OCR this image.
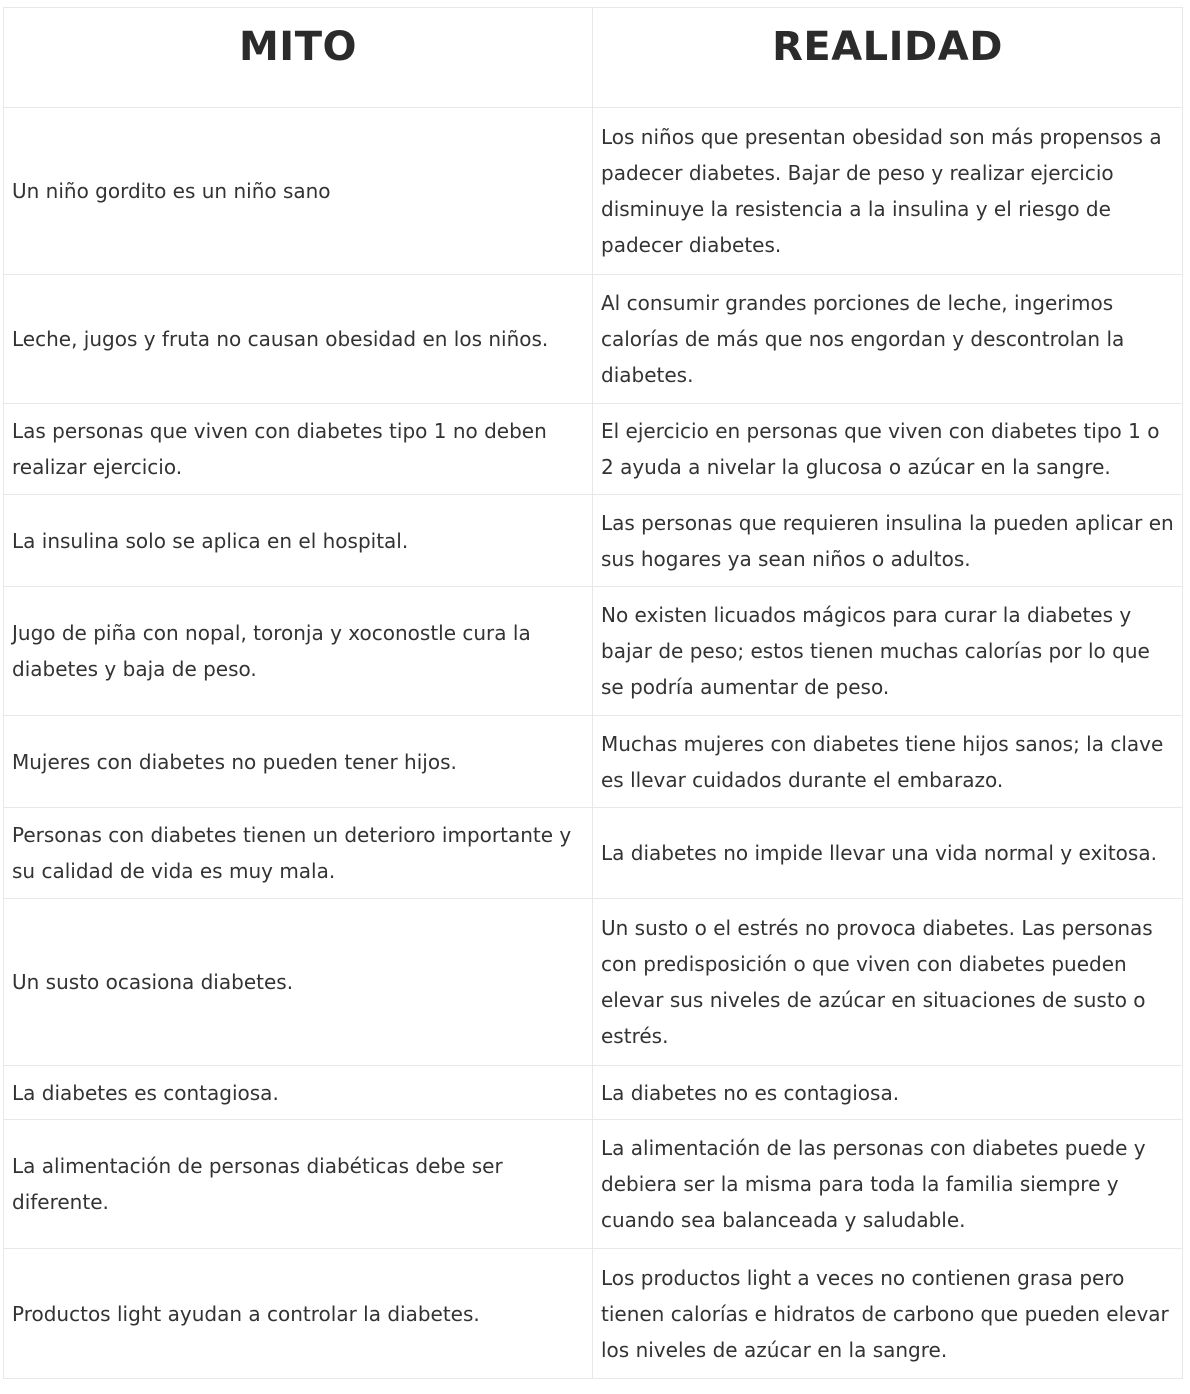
MITO	REALIDAD

Un niño gordito es un niño sano	Los niños que presentan obesidad son más propensos a padecer diabetes. Bajar de peso y realizar ejercicio disminuye la resistencia a la insulina y el riesgo de padecer diabetes.
Leche, jugos y fruta no causan obesidad en los niños.	Al consumir grandes porciones de leche, ingerimos calorías de más que nos engordan y descontrolan la diabetes.
Las personas que viven con diabetes tipo 1 no deben realizar ejercicio.	El ejercicio en personas que viven con diabetes tipo 1 o 2 ayuda a nivelar la glucosa o azúcar en la sangre.
La insulina solo se aplica en el hospital.	Las personas que requieren insulina la pueden aplicar en sus hogares ya sean niños o adultos.
Jugo de piña con nopal, toronja y xoconostle cura la diabetes y baja de peso.	No existen licuados mágicos para curar la diabetes y bajar de peso; estos tienen muchas calorías por lo que se podría aumentar de peso.
Mujeres con diabetes no pueden tener hijos.	Muchas mujeres con diabetes tiene hijos sanos; la clave es llevar cuidados durante el embarazo.
Personas con diabetes tienen un deterioro importante y su calidad de vida es muy mala.	La diabetes no impide llevar una vida normal y exitosa.
Un susto ocasiona diabetes.	Un susto o el estrés no provoca diabetes. Las personas con predisposición o que viven con diabetes pueden elevar sus niveles de azúcar en situaciones de susto o estrés.
La diabetes es contagiosa.	La diabetes no es contagiosa.
La alimentación de personas diabéticas debe ser diferente.	La alimentación de las personas con diabetes puede y debiera ser la misma para toda la familia siempre y cuando sea balanceada y saludable.
Productos light ayudan a controlar la diabetes.	Los productos light a veces no contienen grasa pero tienen calorías e hidratos de carbono que pueden elevar los niveles de azúcar en la sangre.
